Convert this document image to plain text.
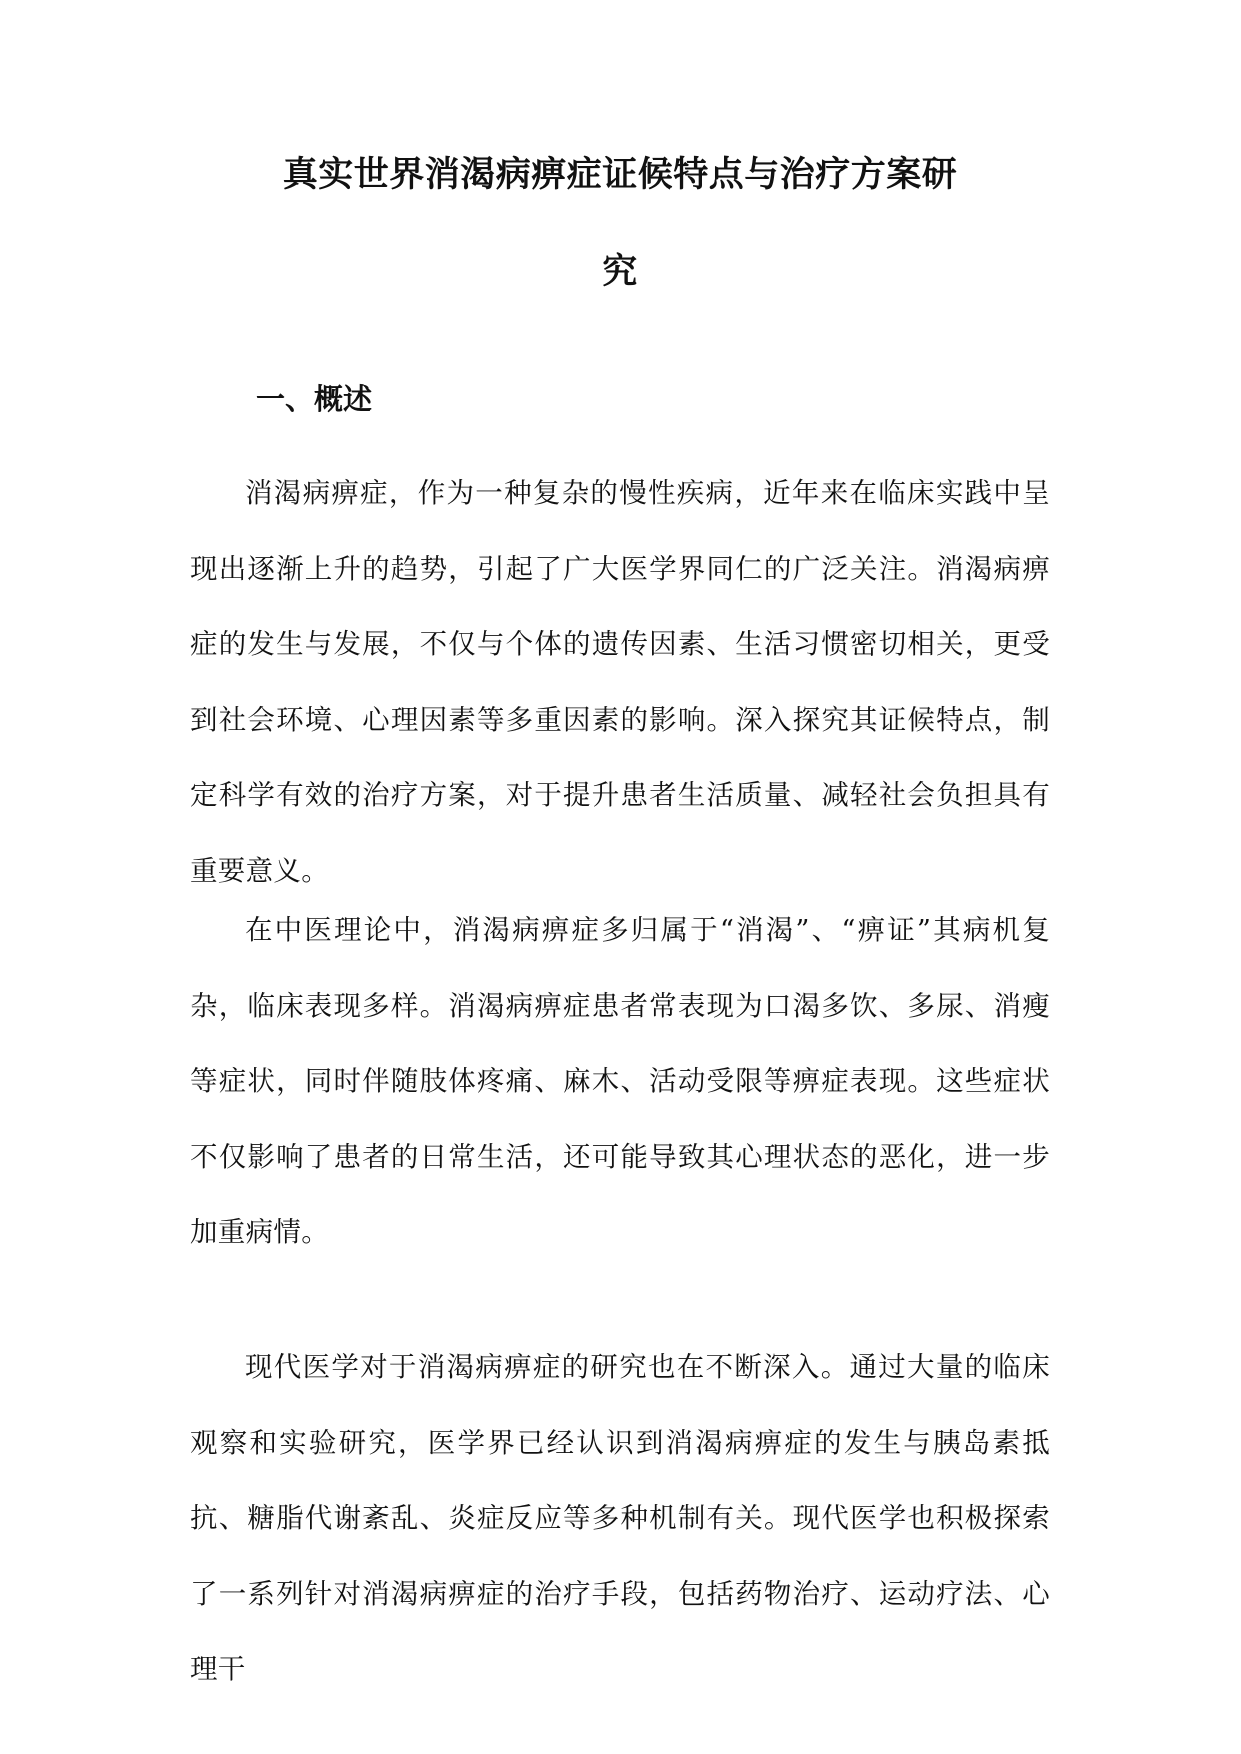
真实世界消渴病痹症证候特点与治疗方案研
究
一、概述

消渴病痹症，作为一种复杂的慢性疾病，近年来在临床实践中呈现出逐渐上升的趋势，引起了广大医学界同仁的广泛关注。消渴病痹症的发生与发展，不仅与个体的遗传因素、生活习惯密切相关，更受到社会环境、心理因素等多重因素的影响。深入探究其证候特点，制定科学有效的治疗方案，对于提升患者生活质量、减轻社会负担具有重要意义。

在中医理论中，消渴病痹症多归属于“消渴”、“痹证”其病机复杂，临床表现多样。消渴病痹症患者常表现为口渴多饮、多尿、消瘦等症状，同时伴随肢体疼痛、麻木、活动受限等痹症表现。这些症状不仅影响了患者的日常生活，还可能导致其心理状态的恶化，进一步加重病情。

现代医学对于消渴病痹症的研究也在不断深入。通过大量的临床观察和实验研究，医学界已经认识到消渴病痹症的发生与胰岛素抵抗、糖脂代谢紊乱、炎症反应等多种机制有关。现代医学也积极探索了一系列针对消渴病痹症的治疗手段，包括药物治疗、运动疗法、心理干
